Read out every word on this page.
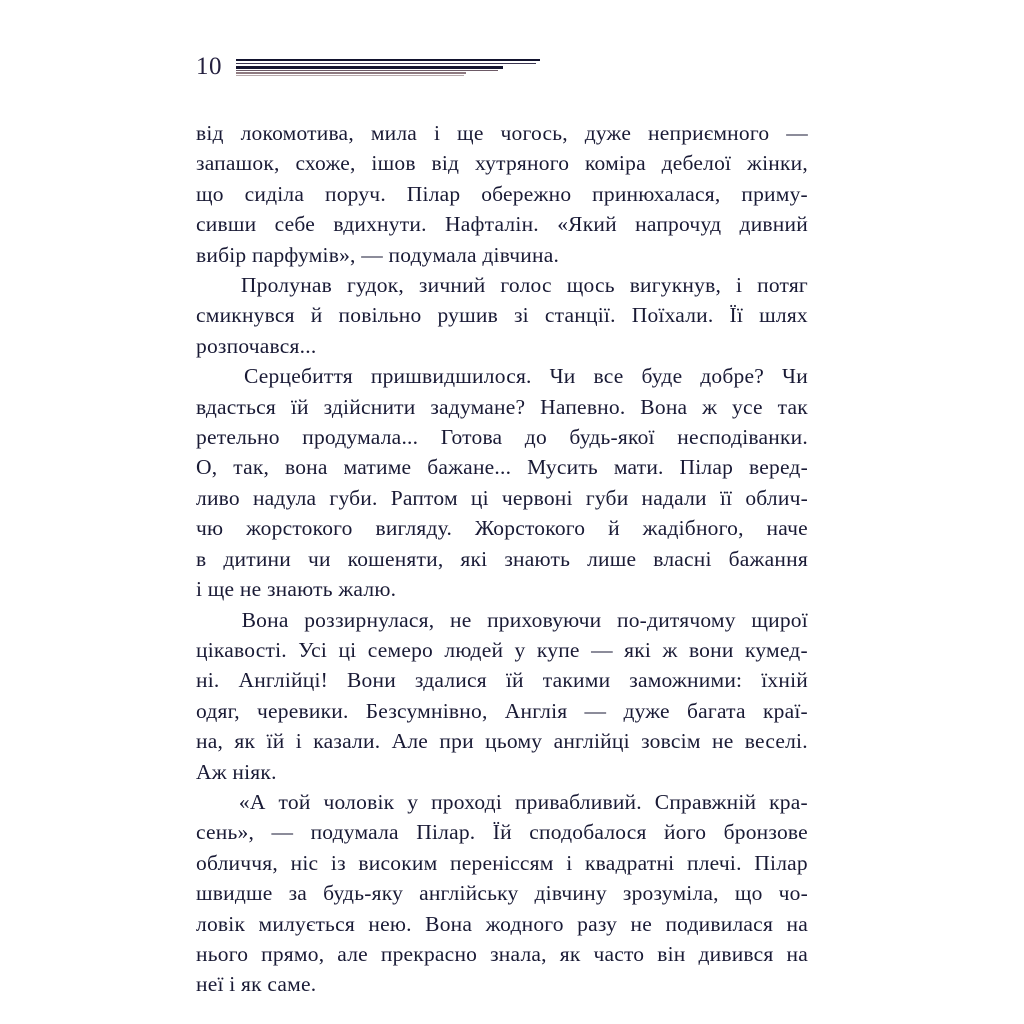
10

від локомотива, мила і ще чогось, дуже неприємного —
запашок, схоже, ішов від хутряного коміра дебелої жінки,
що сиділа поруч. Пілар обережно принюхалася, приму-
сивши себе вдихнути. Нафталін. «Який напрочуд дивний
вибір парфумів», — подумала дівчина.

Пролунав гудок, зичний голос щось вигукнув, і потяг
смикнувся й повільно рушив зі станції. Поїхали. Її шлях
розпочався...

Серцебиття пришвидшилося. Чи все буде добре? Чи
вдасться їй здійснити задумане? Напевно. Вона ж усе так
ретельно продумала... Готова до будь-якої несподіванки.
О, так, вона матиме бажане... Мусить мати. Пілар веред-
ливо надула губи. Раптом ці червоні губи надали її облич-
чю жорстокого вигляду. Жорстокого й жадібного, наче
в дитини чи кошеняти, які знають лише власні бажання
і ще не знають жалю.

Вона роззирнулася, не приховуючи по-дитячому щирої
цікавості. Усі ці семеро людей у купе — які ж вони кумед-
ні. Англійці! Вони здалися їй такими заможними: їхній
одяг, черевики. Безсумнівно, Англія — дуже багата краї-
на, як їй і казали. Але при цьому англійці зовсім не веселі.
Аж ніяк.

«А той чоловік у проході привабливий. Справжній кра-
сень», — подумала Пілар. Їй сподобалося його бронзове
обличчя, ніс із високим переніссям і квадратні плечі. Пілар
швидше за будь-яку англійську дівчину зрозуміла, що чо-
ловік милується нею. Вона жодного разу не подивилася на
нього прямо, але прекрасно знала, як часто він дивився на
неї і як саме.
